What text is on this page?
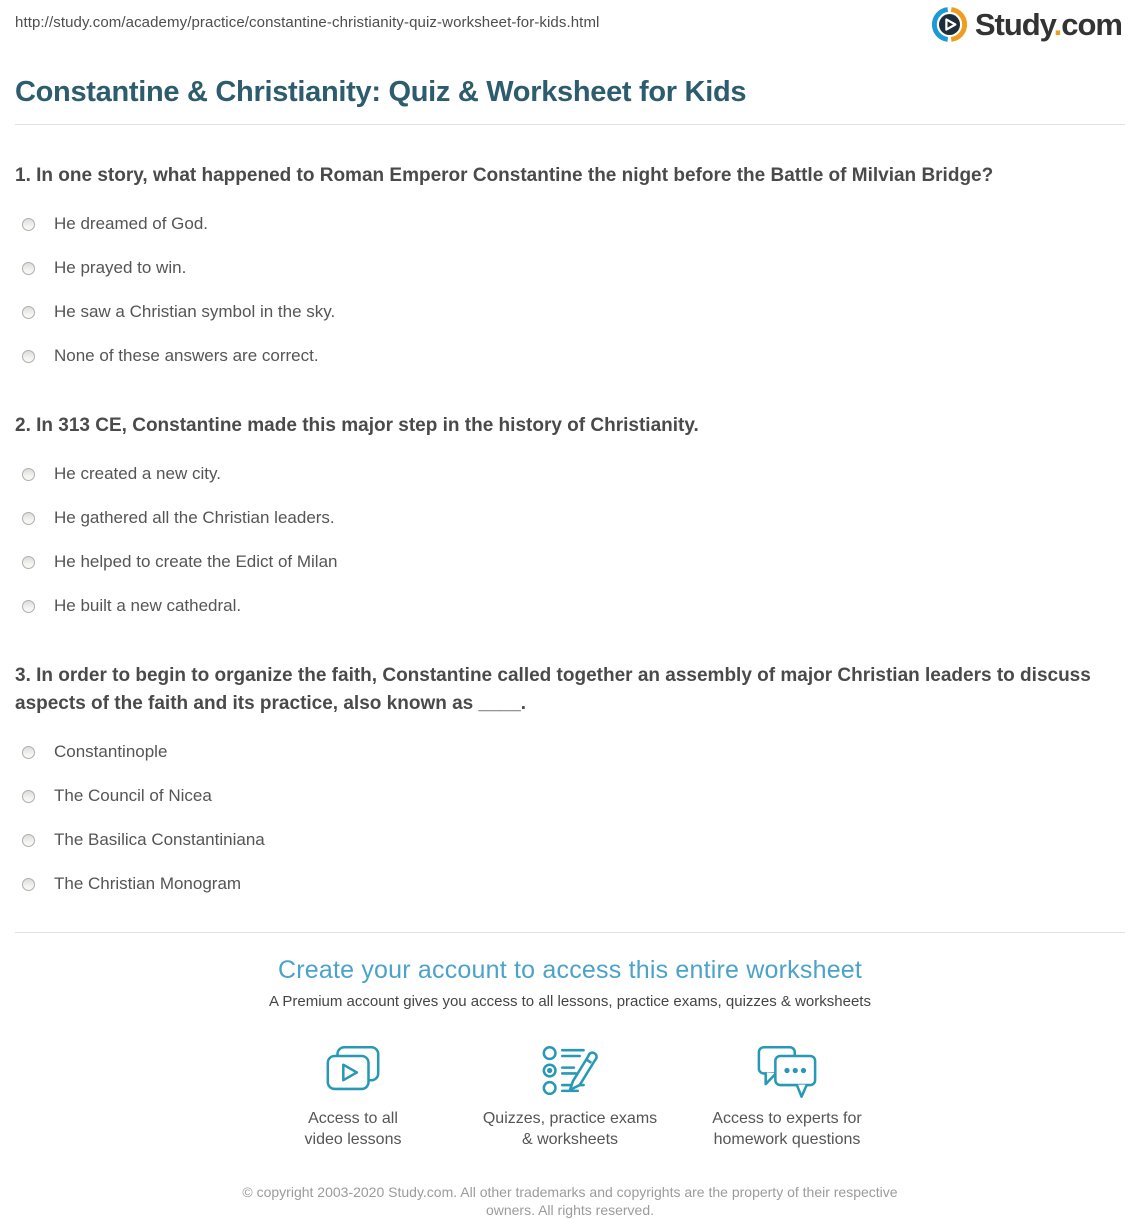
http://study.com/academy/practice/constantine-christianity-quiz-worksheet-for-kids.html	Study.com
Constantine & Christianity: Quiz & Worksheet for Kids
1. In one story, what happened to Roman Emperor Constantine the night before the Battle of Milvian Bridge?
He dreamed of God.
He prayed to win.
He saw a Christian symbol in the sky.
None of these answers are correct.
2. In 313 CE, Constantine made this major step in the history of Christianity.
He created a new city.
He gathered all the Christian leaders.
He helped to create the Edict of Milan
He built a new cathedral.
3. In order to begin to organize the faith, Constantine called together an assembly of major Christian leaders to discuss aspects of the faith and its practice, also known as ____.
Constantinople
The Council of Nicea
The Basilica Constantiniana
The Christian Monogram
Create your account to access this entire worksheet

A Premium account gives you access to all lessons, practice exams, quizzes & worksheets

Access to all
video lessons
Quizzes, practice exams
& worksheets
Access to experts for
homework questions

© copyright 2003-2020 Study.com. All other trademarks and copyrights are the property of their respective owners. All rights reserved.
